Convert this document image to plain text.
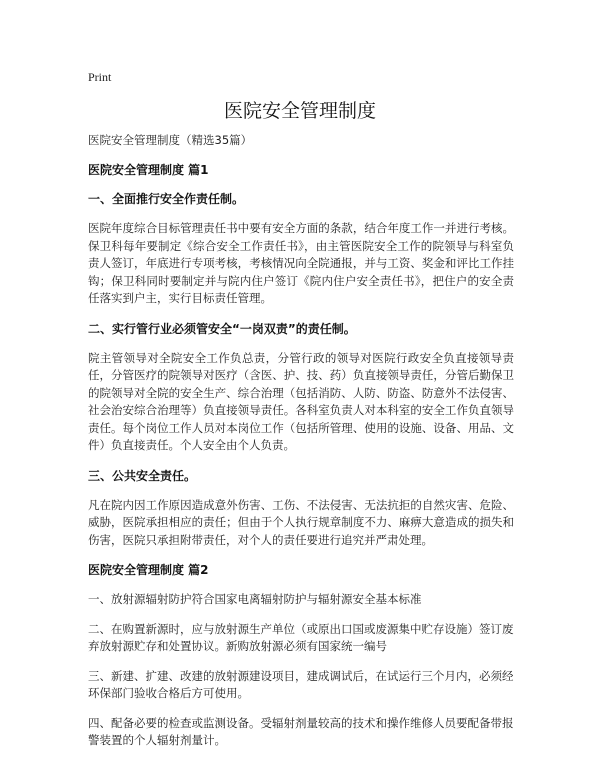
Print
医院安全管理制度

医院安全管理制度（精选35篇）

医院安全管理制度 篇1

一、全面推行安全作责任制。

医院年度综合目标管理责任书中要有安全方面的条款，结合年度工作一并进行考核。保卫科每年要制定《综合安全工作责任书》，由主管医院安全工作的院领导与科室负责人签订，年底进行专项考核，考核情况向全院通报，并与工资、奖金和评比工作挂钩；保卫科同时要制定并与院内住户签订《院内住户安全责任书》，把住户的安全责任落实到户主，实行目标责任管理。

二、实行管行业必须管安全“一岗双责”的责任制。

院主管领导对全院安全工作负总责，分管行政的领导对医院行政安全负直接领导责任，分管医疗的院领导对医疗（含医、护、技、药）负直接领导责任，分管后勤保卫的院领导对全院的安全生产、综合治理（包括消防、人防、防盗、防意外不法侵害、社会治安综合治理等）负直接领导责任。各科室负责人对本科室的安全工作负直领导责任。每个岗位工作人员对本岗位工作（包括所管理、使用的设施、设备、用品、文件）负直接责任。个人安全由个人负责。

三、公共安全责任。

凡在院内因工作原因造成意外伤害、工伤、不法侵害、无法抗拒的自然灾害、危险、威胁，医院承担相应的责任；但由于个人执行规章制度不力、麻痹大意造成的损失和伤害，医院只承担附带责任，对个人的责任要进行追究并严肃处理。

医院安全管理制度 篇2

一、放射源辐射防护符合国家电离辐射防护与辐射源安全基本标准

二、在购置新源时，应与放射源生产单位（或原出口国或废源集中贮存设施）签订废弃放射源贮存和处置协议。新购放射源必须有国家统一编号

三、新建、扩建、改建的放射源建设项目，建成调试后，在试运行三个月内，必须经环保部门验收合格后方可使用。

四、配备必要的检查或监测设备。受辐射剂量较高的技术和操作维修人员要配备带报警装置的个人辐射剂量计。
